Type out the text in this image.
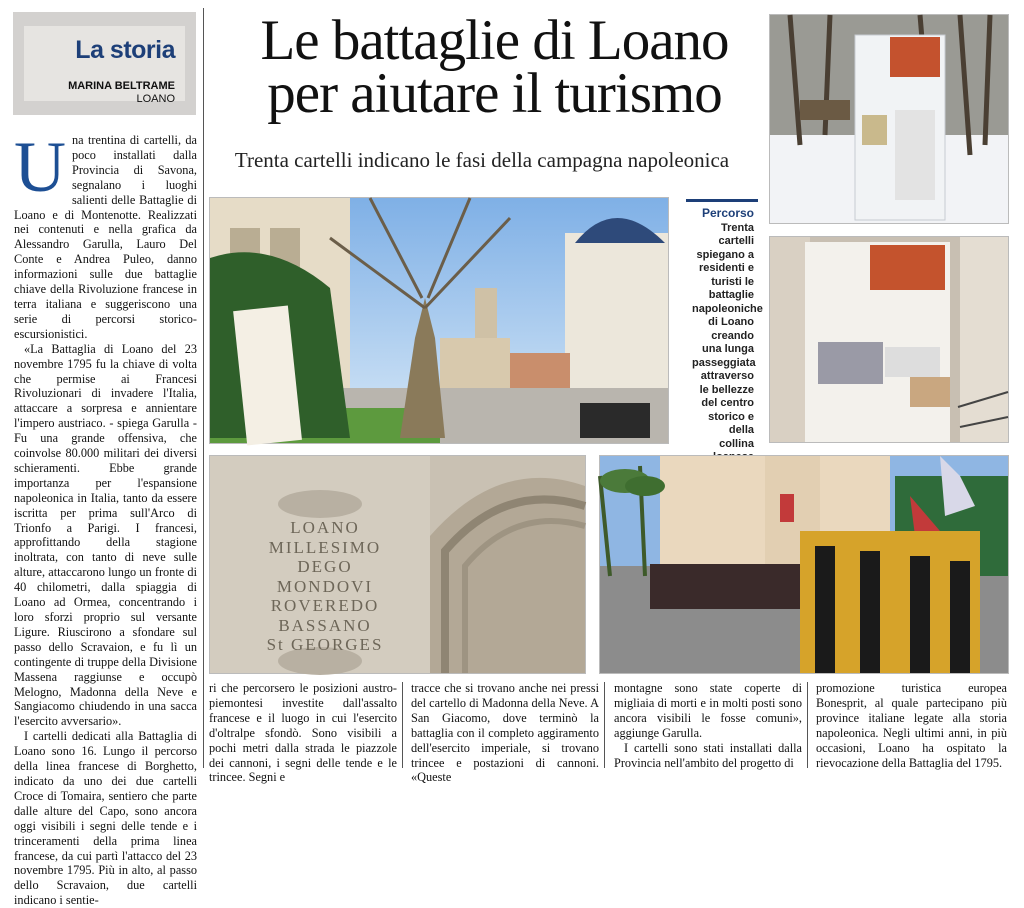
La storia
MARINA BELTRAME
LOANO
Le battaglie di Loano
per aiutare il turismo
Trenta cartelli indicano le fasi della campagna napoleonica

Una trentina di cartelli, da poco installati dalla Provincia di Savona, segnalano i luoghi salienti delle Battaglie di Loano e di Montenotte. Realizzati nei contenuti e nella grafica da Alessandro Garulla, Lauro Del Conte e Andrea Puleo, danno informazioni sulle due battaglie chiave della Rivoluzione francese in terra italiana e suggeriscono una serie di percorsi storico-escursionistici.

«La Battaglia di Loano del 23 novembre 1795 fu la chiave di volta che permise ai Francesi Rivoluzionari di invadere l'Italia, attaccare a sorpresa e annientare l'impero austriaco. - spiega Garulla - Fu una grande offensiva, che coinvolse 80.000 militari dei diversi schieramenti. Ebbe grande importanza per l'espansione napoleonica in Italia, tanto da essere iscritta per prima sull'Arco di Trionfo a Parigi. I francesi, approfittando della stagione inoltrata, con tanto di neve sulle alture, attaccarono lungo un fronte di 40 chilometri, dalla spiaggia di Loano ad Ormea, concentrando i loro sforzi proprio sul versante Ligure. Riuscirono a sfondare sul passo dello Scravaion, e fu lì un contingente di truppe della Divisione Massena raggiunse e occupò Melogno, Madonna della Neve e Sangiacomo chiudendo in una sacca l'esercito avversario».

I cartelli dedicati alla Battaglia di Loano sono 16. Lungo il percorso della linea francese di Borghetto, indicato da uno dei due cartelli Croce di Tomaira, sentiero che parte dalle alture del Capo, sono ancora oggi visibili i segni delle tende e i trinceramenti della prima linea francese, da cui partì l'attacco del 23 novembre 1795. Più in alto, al passo dello Scravaion, due cartelli indicano i sentie-

Percorso
Trenta cartelli spiegano a residenti e turisti le battaglie napoleoniche di Loano creando una lunga passeggiata attraverso le bellezze del centro storico e della collina
LOANO
MILLESIMO
DEGO
MONDOVI
ROVEREDO
BASSANO
St GEORGES

ri che percorsero le posizioni austro-piemontesi investite dall'assalto francese e il luogo in cui l'esercito d'oltralpe sfondò. Sono visibili a pochi metri dalla strada le piazzole dei cannoni, i segni delle tende e le trincee. Segni e

tracce che si trovano anche nei pressi del cartello di Madonna della Neve. A San Giacomo, dove terminò la battaglia con il completo aggiramento dell'esercito imperiale, si trovano trincee e postazioni di cannoni. «Queste

montagne sono state coperte di migliaia di morti e in molti posti sono ancora visibili le fosse comuni», aggiunge Garulla.

I cartelli sono stati installati dalla Provincia nell'ambito del progetto di

promozione turistica europea Bonesprit, al quale partecipano più province italiane legate alla storia napoleonica. Negli ultimi anni, in più occasioni, Loano ha ospitato la rievocazione della Battaglia del 1795.
